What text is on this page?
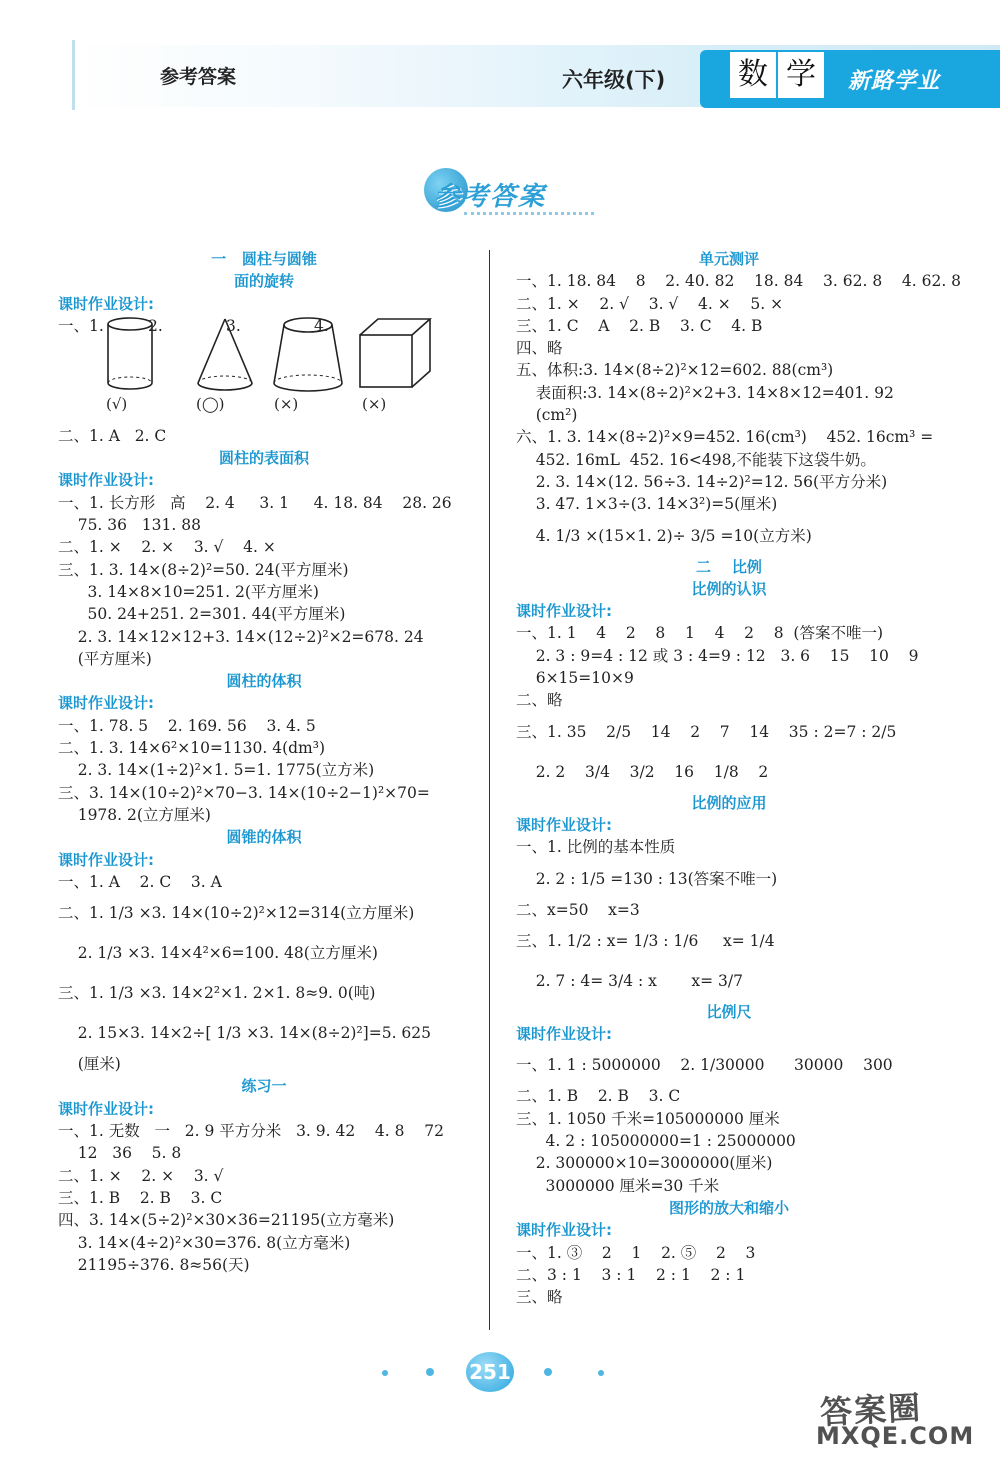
参考答案	六年级(下)	数 学	新路学业
参考答案
一   圆柱与圆锥
面的旋转
课时作业设计:
一、1.
(√)
2.
(◯)
3.
(×)
4.
(×)
二、1. A   2. C
圆柱的表面积
课时作业设计:
一、1. 长方形   高    2. 4     3. 1     4. 18. 84    28. 26
75. 36   131. 88
二、1. ×    2. ×    3. √    4. ×
三、1. 3. 14×(8÷2)²=50. 24(平方厘米)
3. 14×8×10=251. 2(平方厘米)
50. 24+251. 2=301. 44(平方厘米)
2. 3. 14×12×12+3. 14×(12÷2)²×2=678. 24
(平方厘米)
圆柱的体积
课时作业设计:
一、1. 78. 5    2. 169. 56    3. 4. 5
二、1. 3. 14×6²×10=1130. 4(dm³)
2. 3. 14×(1÷2)²×1. 5=1. 1775(立方米)
三、3. 14×(10÷2)²×70−3. 14×(10÷2−1)²×70=
1978. 2(立方厘米)
圆锥的体积
课时作业设计:
一、1. A    2. C    3. A
二、1. 1/3 ×3. 14×(10÷2)²×12=314(立方厘米)
2. 1/3 ×3. 14×4²×6=100. 48(立方厘米)
三、1. 1/3 ×3. 14×2²×1. 2×1. 8≈9. 0(吨)
2. 15×3. 14×2÷[ 1/3 ×3. 14×(8÷2)²]=5. 625
(厘米)
练习一
课时作业设计:
一、1. 无数   一   2. 9 平方分米   3. 9. 42    4. 8    72
12   36    5. 8
二、1. ×    2. ×    3. √
三、1. B    2. B    3. C
四、3. 14×(5÷2)²×30×36=21195(立方毫米)
3. 14×(4÷2)²×30=376. 8(立方毫米)
21195÷376. 8≈56(天)
单元测评
一、1. 18. 84    8    2. 40. 82    18. 84    3. 62. 8    4. 62. 8
二、1. ×    2. √    3. √    4. ×    5. ×
三、1. C    A    2. B    3. C    4. B
四、略
五、体积:3. 14×(8÷2)²×12=602. 88(cm³)
表面积:3. 14×(8÷2)²×2+3. 14×8×12=401. 92
(cm²)
六、1. 3. 14×(8÷2)²×9=452. 16(cm³)    452. 16cm³ =
452. 16mL  452. 16<498,不能装下这袋牛奶。
2. 3. 14×(12. 56÷3. 14÷2)²=12. 56(平方分米)
3. 47. 1×3÷(3. 14×3²)=5(厘米)
4. 1/3 ×(15×1. 2)÷ 3/5 =10(立方米)
二    比例
比例的认识
课时作业设计:
一、1. 1    4    2    8    1    4    2    8  (答案不唯一)
2. 3 : 9=4 : 12 或 3 : 4=9 : 12   3. 6    15    10    9
6×15=10×9
二、略
三、1. 35    2/5    14    2    7    14    35 : 2=7 : 2/5
2. 2    3/4    3/2    16    1/8    2
比例的应用
课时作业设计:
一、1. 比例的基本性质
2. 2 : 1/5 =130 : 13(答案不唯一)
二、x=50    x=3
三、1. 1/2 : x= 1/3 : 1/6     x= 1/4
2. 7 : 4= 3/4 : x       x= 3/7
比例尺
课时作业设计:
一、1. 1 : 5000000    2. 1/30000      30000    300
二、1. B    2. B    3. C
三、1. 1050 千米=105000000 厘米
4. 2 : 105000000=1 : 25000000
2. 300000×10=3000000(厘米)
3000000 厘米=30 千米
图形的放大和缩小
课时作业设计:
一、1. ③    2    1    2. ⑤    2    3
二、3 : 1    3 : 1    2 : 1    2 : 1
三、略
251
答案圈
MXQE.COM
